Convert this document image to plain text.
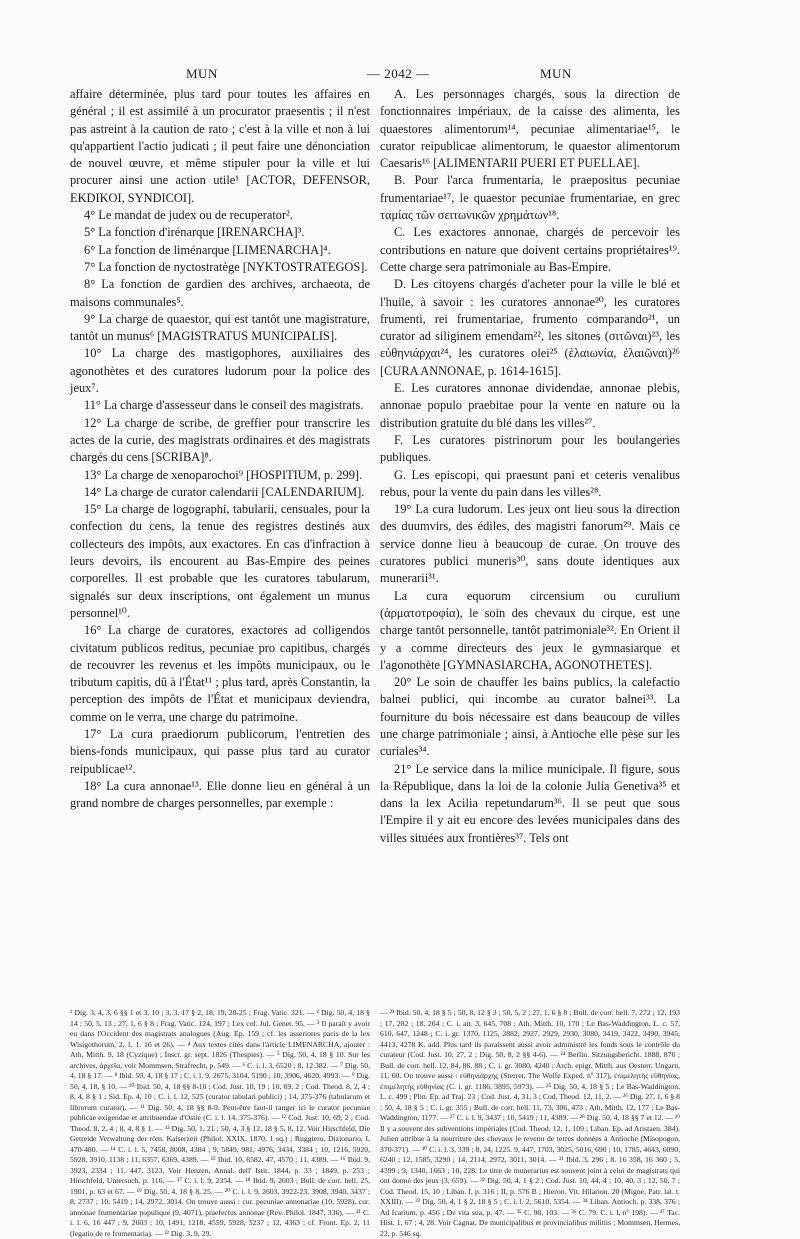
MUN	— 2042 —	MUN

affaire déterminée, plus tard pour toutes les affaires en général ; il est assimilé à un procurator praesentis ; il n'est pas astreint à la caution de rato ; c'est à la ville et non à lui qu'appartient l'actio judicati ; il peut faire une dénonciation de nouvel œuvre, et même stipuler pour la ville et lui procurer ainsi une action utile¹ [ACTOR, DEFENSOR, EKDIKOI, SYNDICOI].

4° Le mandat de judex ou de recuperator².

5° La fonction d'irénarque [IRENARCHA]³.

6° La fonction de liménarque [LIMENARCHA]⁴.

7° La fonction de nyctostratège [NYKTOSTRATEGOS].

8° La fonction de gardien des archives, archaeota, de maisons communales⁵.

9° La charge de quaestor, qui est tantôt une magistrature, tantôt un munus⁶ [MAGISTRATUS MUNICIPALIS].

10° La charge des mastigophores, auxiliaires des agonothètes et des curatores ludorum pour la police des jeux⁷.

11° La charge d'assesseur dans le conseil des magistrats.

12° La charge de scribe, de greffier pour transcrire les actes de la curie, des magistrats ordinaires et des magistrats chargés du cens [SCRIBA]⁸.

13° La charge de xenoparochoi⁹ [HOSPITIUM, p. 299].

14° La charge de curator calendarii [CALENDARIUM].

15° La charge de logographi, tabularii, censuales, pour la confection du cens, la tenue des registres destinés aux collecteurs des impôts, aux exactores. En cas d'infraction à leurs devoirs, ils encourent au Bas-Empire des peines corporelles. Il est probable que les curatores tabularum, signalés sur deux inscriptions, ont également un munus personnel¹⁰.

16° La charge de curatores, exactores ad colligendos civitatum publicos reditus, pecuniae pro capitibus, chargés de recouvrer les revenus et les impôts municipaux, ou le tributum capitis, dû à l'État¹¹ ; plus tard, après Constantin, la perception des impôts de l'État et municipaux deviendra, comme on le verra, une charge du patrimoine.

17° La cura praediorum publicorum, l'entretien des biens-fonds municipaux, qui passe plus tard au curator reipublicae¹².

18° La cura annonae¹³. Elle donne lieu en général à un grand nombre de charges personnelles, par exemple :

A. Les personnages chargés, sous la direction de fonctionnaires impériaux, de la caisse des alimenta, les quaestores alimentorum¹⁴, pecuniae alimentariae¹⁵, le curator reipublicae alimentorum, le quaestor alimentorum Caesaris¹⁶ [ALIMENTARII PUERI ET PUELLAE].

B. Pour l'arca frumentaria, le praepositus pecuniae frumentariae¹⁷, le quaestor pecuniae frumentariae, en grec ταμίας τῶν σειτωνικῶν χρημάτων¹⁸.

C. Les exactores annonae, chargés de percevoir les contributions en nature que doivent certains propriétaires¹⁹. Cette charge sera patrimoniale au Bas-Empire.

D. Les citoyens chargés d'acheter pour la ville le blé et l'huile, à savoir : les curatores annonae²⁰, les curatores frumenti, rei frumentariae, frumento comparando²¹, un curator ad siliginem emendam²², les sitones (σιτῶναι)²³, les εὐθηνιάρχαι²⁴, les curatores olei²⁵ (ἐλαιωνία, ἐλαιῶναι)²⁶ [CURA ANNONAE, p. 1614-1615].

E. Les curatores annonae dividendae, annonae plebis, annonae populo praebitae pour la vente en nature ou la distribution gratuite du blé dans les villes²⁷.

F. Les curatores pistrinorum pour les boulangeries publiques.

G. Les episcopi, qui praesunt pani et ceteris venalibus rebus, pour la vente du pain dans les villes²⁸.

19° La cura ludorum. Les jeux ont lieu sous la direction des duumvirs, des édiles, des magistri fanorum²⁹. Mais ce service donne lieu à beaucoup de curae. On trouve des curatores publici muneris³⁰, sans doute identiques aux munerarii³¹.

La cura equorum circensium ou curulium (ἁρματοτροφία), le soin des chevaux du cirque, est une charge tantôt personnelle, tantôt patrimoniale³². En Orient il y a comme directeurs des jeux le gymnasiarque et l'agonothète [GYMNASIARCHA, AGONOTHETES].

20° Le soin de chauffer les bains publics, la calefactio balnei publici, qui incombe au curator balnei³³. La fourniture du bois nécessaire est dans beaucoup de villes une charge patrimoniale ; ainsi, à Antioche elle pèse sur les curiales³⁴.

21° Le service dans la milice municipale. Il figure, sous la République, dans la loi de la colonie Julia Genetiva³⁵ et dans la lex Acilia repetundarum³⁶. Il se peut que sous l'Empire il y ait eu encore des levées municipales dans des villes situées aux frontières³⁷. Tels ont

¹ Dig. 3, 4, 3, 6 §§ 1 et 3, 10 ; 3, 3, 17 § 2, 18, 19, 20-25 ; Frag. Vatic. 321. — ² Dig. 50, 4, 18 § 14 ; 50, 5, 13 ; 27, 1, 6 § 8 ; Frag. Vatic. 124, 197 ; Lex col. Jul. Genet. 95. — ³ Il paraît y avoir eu dans l'Occident des magistrats analogues (Aug. Ep. 159 ; cf. les asseriores pacis de la lex Wisigothorum, 2, 1, 1. 16 et 26). — ⁴ Aux textes cités dans l'article LIMENARCHA, ajouter : Ath. Mitth. 9, 18 (Cyzique) ; Inscr. gr. sept. 1826 (Thespies). — ⁵ Dig. 50, 4, 18 § 10. Sur les archives, ἀρχεῖα, voir Mommsen, Strafrecht, p. 549. — ⁶ C. i. l. 3, 6520 ; 8, 12 382. — ⁷ Dig. 50, 4, 18 § 17. — ⁸ Ibid. 50, 4, 18 § 17 ; C. i. l. 9, 2675, 3104, 5190 ; 10, 3906, 4620, 4993. — ⁹ Dig. 50, 4, 18, § 10. — ¹⁰ Ibid. 50, 4, 18 §§ 8-10 ; Cod. Just. 10, 19 ; 10, 69, 2 ; Cod. Theod. 8, 2, 4 ; 8, 4, 8 § 1 : Sid. Ep. 4, 10 ; C. i. l. 12, 525 (curator tabulari publici) ; 14, 375-376 (tabularum et librorum curator). — ¹¹ Dig. 50, 4, 18 §§ 8-9. Peut-être faut-il ranger ici le curator pecuniae publicae exigendae et attribuendae d'Ostie (C. i. l. 14, 375-376). — ¹² Cod. Just. 10, 69, 2 ; Cod. Theod. 8, 2, 4 ; 8, 4, 8 § 1. — ¹³ Dig. 50, 1, 21 ; 50, 4, 3 § 12, 18 § 5, 8, 12. Voir Hirschfeld, Die Getreide Verwaltung der röm. Kaiserzeit (Philol. XXIX, 1870, 1 sq.) ; Ruggiero, Dizionario, I, 470-480. — ¹⁴ C. i. l. 5, 7458, 8008, 4384 ; 9, 5849, 981, 4976, 3434, 3384 ; 10, 1216, 5920, 5928, 3910, 1138 ; 11, 6357, 6369, 4389. — ¹⁵ Ibid. 10, 6582, 47, 4570 ; 11, 4389. — ¹⁶ Ibid. 9, 3923, 2334 ; 11, 447, 3123. Voir Henzen, Annal. dell' Istit. 1844, p. 33 ; 1849, p. 253 ; Hirschfeld, Untersuch. p. 116. — ¹⁷ C. i. l. 9, 2354. — ¹⁸ Ibid. 9, 2603 ; Bull. de corr. hell. 25, 1901, p. 63 et 67. — ¹⁹ Dig. 50, 4, 18 § 8, 25. — ²⁰ C. i. l. 9, 2603, 3922-23, 3908, 3940, 3437 ; 8, 2737 ; 10, 5419 ; 14, 2972, 3014. On trouve aussi : cur. pecuniae annonariae (10, 5928), cur. annonae frumentariae populique (9, 4071), praefectus annonae (Rev. Philol. 1847, 336). — ²¹ C. i. l. 6, 16 447 ; 9, 2603 ; 10, 1491, 1218, 4559, 5928, 5237 ; 12, 4363 ; cf. Front. Ep. 2, 11 (legatio de re frumentaria). — ²² Dig. 3, 9, 29.
— ²³ Ibid. 50, 4, 18 § 5 ; 50, 8, 12 § 3 ; 50, 5, 2 ; 27, 1, 6 § 8 ; Bull. de corr. hell. 7, 272 ; 12, 193 ; 17, 282 ; 18, 264 ; C. i. att. 3, 645, 708 ; Ath. Mitth. 10, 170 ; Le Bas-Waddington, L. c. 57, 610, 647, 1248 ; C. i. gr. 1370, 1125, 2882, 2927, 2929, 2930, 3080, 3419, 3422, 3490, 3945, 4413, 4278 K. add. Plus tard ils paraissent aussi avoir administré les fonds sous le contrôle du curateur (Cod. Just. 10, 27, 2 ; Dig. 50, 8, 2 §§ 4-6). — ²⁴ Berlin. Sitzungsbericht. 1888, 876 ; Bull. de corr. hell. 12, 84, 86, 88 ; C. i. gr. 3080, 4240 ; Arch. epigr. Mitth. aus Oesterr. Ungarn, 11, 60. On trouve aussi : εὐθηνιάρχης (Sterret, The Wolfe Exped. nº 317), ἐπιμελητὴς εὐθηνίας, ἐπιμελητὴς εὐθηνίας (C. i. gr. 1186, 3895, 5973). — ²⁵ Dig. 50, 4, 18 § 5 ; Le Bas-Waddington, L. c. 499 ; Plin. Ep. ad Traj. 23 ; Cod. Just. 4, 31, 3 ; Cod. Theod. 12, 11, 2. — ²⁶ Dig. 27, 1, 6 § 8 ; 50, 4, 18 § 5 ; C. i. gr. 355 ; Bull. de corr. hell. 11, 73, 306, 473 ; Ath. Mitth. 12, 177 ; Le Bas-Waddington, 1177. — ²⁷ C. i. l. 9, 3437 ; 10, 5419 ; 11, 4389. — ²⁸ Dig. 50, 4, 18 §§ 7 et 12. — ²⁹ Il y a souvent des subventions impériales (Cod. Theod. 12, 1, 109 ; Liban. Ep. ad Aristaen. 384). Julien attribue à la nourriture des chevaux le revenu de terres données à Antioche (Misopogon, 370-371). — ³⁰ C. i. l. 3, 339 ; 8, 24, 1225. 9, 447, 1703, 3025, 5016, 690 ; 10, 1785, 4643, 6090, 6240 ; 12, 1585, 3290 ; 14, 2114, 2972, 3011, 3014. — ³¹ Ibid. 3, 296 ; 8. 16 358, 16 360 ; 5, 4399 ; 9, 1340, 1663 ; 10, 228. Le titre de munerarius est souvent joint à celui de magistrats qui ont donné des jeux (3, 659). — ³² Dig. 50, 4, 1 § 2 ; Cod. Just. 10, 44, 4 ; 10, 40, 3 ; 12, 50, 7 ; Cod. Theod. 15, 10 ; Liban. I, p. 316 ; II, p. 576 B ; Hieron. Vit. Hilarion. 20 (Migne, Patr. lat. t. XXIII). — ³³ Dig. 50, 4, 1 § 2, 18 § 5 ; C. i. l. 2, 5610, 5354. — ³⁴ Liban. Antioch. p. 338, 376 ; Ad Icarium, p. 456 ; De vita sua, p. 47. — ³⁵ C. 98, 103. — ³⁶ C. 79. C. i. l, nº 198). — ³⁷ Tac. Hist. 1, 67 ; 4, 28. Voir Cagnat, De municipalibus et provincialibus militiis ; Mommsen, Hermes, 22, p. 546 sq.
